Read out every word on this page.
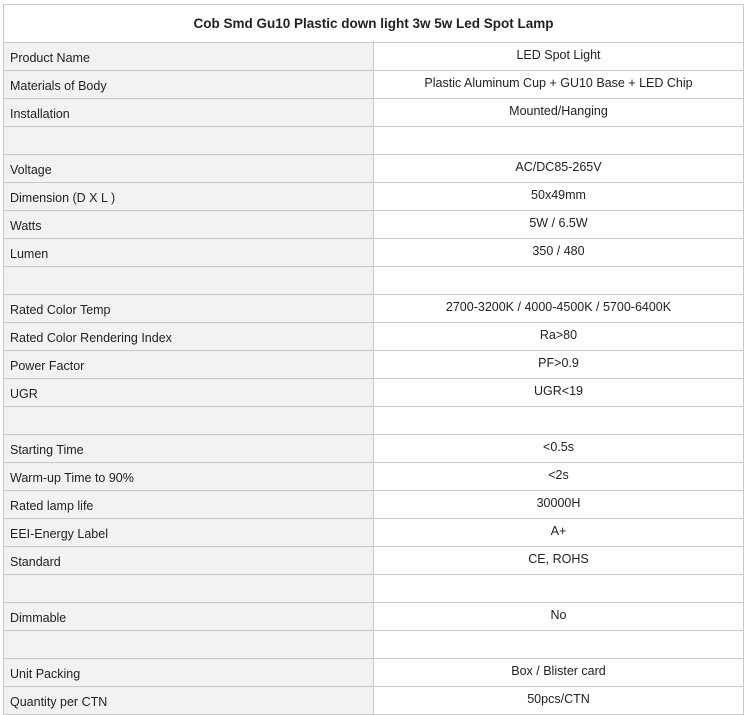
Cob Smd Gu10 Plastic down light 3w 5w Led Spot Lamp	
Product Name	LED Spot Light
Materials of Body	Plastic Aluminum Cup + GU10 Base + LED Chip
Installation	Mounted/Hanging

Voltage	AC/DC85-265V
Dimension (D X L )	50x49mm
Watts	5W / 6.5W
Lumen	350 / 480

Rated Color Temp	2700-3200K / 4000-4500K / 5700-6400K
Rated Color Rendering Index	Ra>80
Power Factor	PF>0.9
UGR	UGR<19

Starting Time	<0.5s
Warm-up Time to 90%	<2s
Rated lamp life	30000H
EEI-Energy Label	A+
Standard	CE, ROHS

Dimmable	No

Unit Packing	Box / Blister card
Quantity per CTN	50pcs/CTN
